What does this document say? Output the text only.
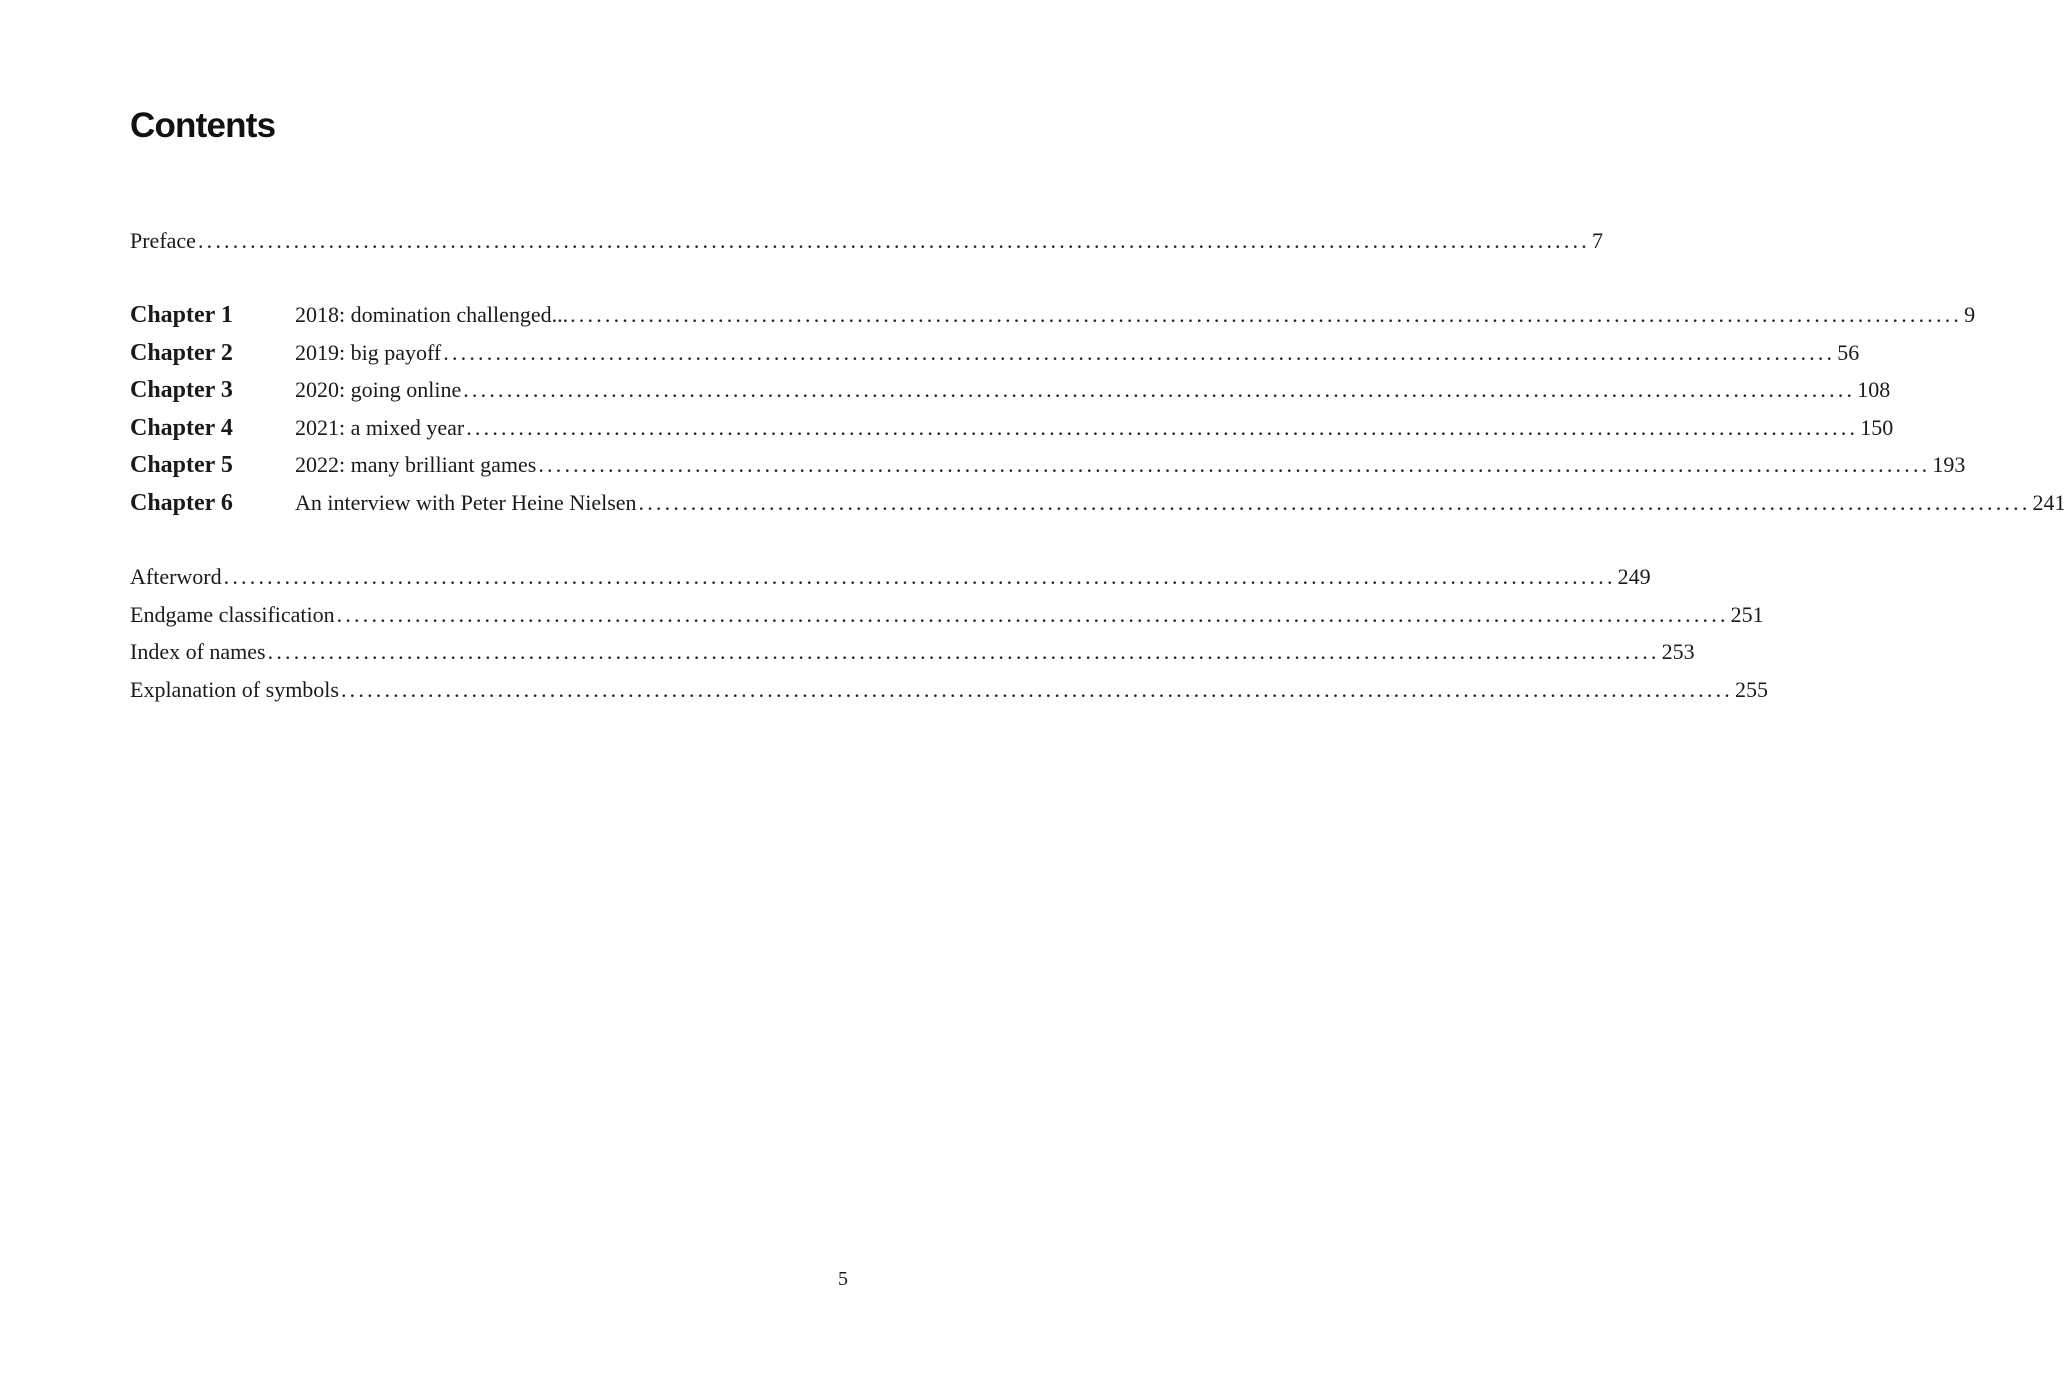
Contents
Preface ................................................................................................................................................................ 7
Chapter 1	2018: domination challenged... ................................................................................................................................................................ 9
Chapter 2	2019: big payoff ................................................................................................................................................................ 56
Chapter 3	2020: going online ................................................................................................................................................................ 108
Chapter 4	2021: a mixed year ................................................................................................................................................................ 150
Chapter 5	2022: many brilliant games ................................................................................................................................................................ 193
Chapter 6	An interview with Peter Heine Nielsen ................................................................................................................................................................ 241
Afterword ................................................................................................................................................................ 249
Endgame classification ................................................................................................................................................................ 251
Index of names ................................................................................................................................................................ 253
Explanation of symbols ................................................................................................................................................................ 255
5
